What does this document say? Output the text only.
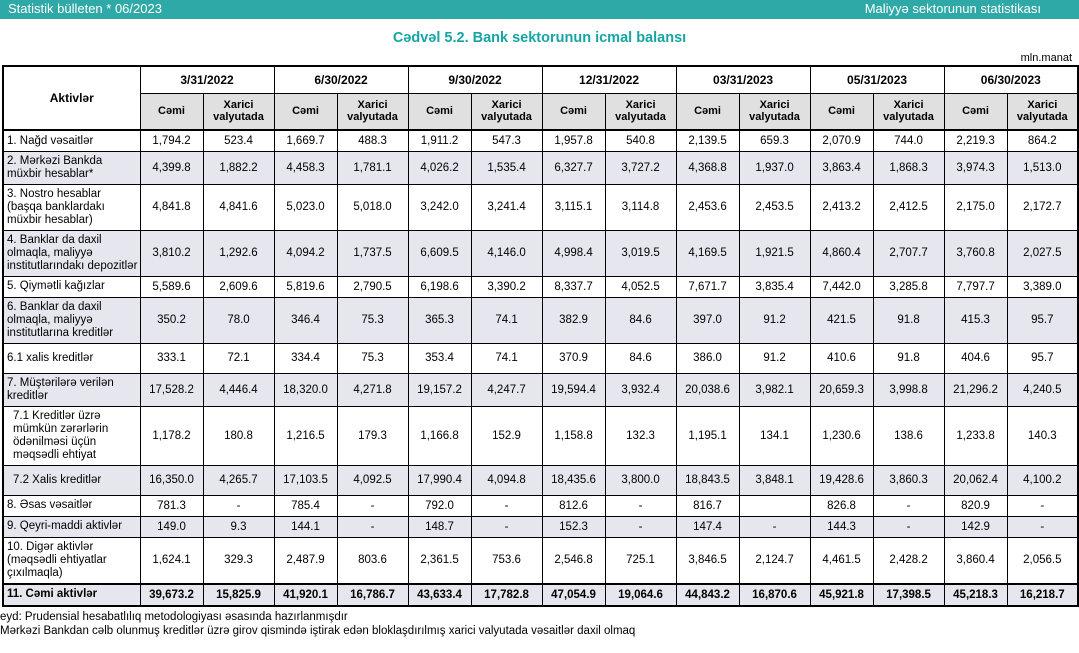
Statistik bülleten * 06/2023	Maliyyə sektorunun statistikası
Cədvəl 5.2. Bank sektorunun icmal balansı
mln.manat
Aktivlər	3/31/2022		6/30/2022		9/30/2022		12/31/2022		03/31/2023		05/31/2023		06/30/2023	
	Cəmi	Xarici valyutada	Cəmi	Xarici valyutada	Cəmi	Xarici valyutada	Cəmi	Xarici valyutada	Cəmi	Xarici valyutada	Cəmi	Xarici valyutada	Cəmi	Xarici valyutada
1. Nağd vəsaitlər	1,794.2	523.4	1,669.7	488.3	1,911.2	547.3	1,957.8	540.8	2,139.5	659.3	2,070.9	744.0	2,219.3	864.2
2. Mərkəzi Bankda müxbir hesablar*	4,399.8	1,882.2	4,458.3	1,781.1	4,026.2	1,535.4	6,327.7	3,727.2	4,368.8	1,937.0	3,863.4	1,868.3	3,974.3	1,513.0
3. Nostro hesablar (başqa banklardakı müxbir hesablar)	4,841.8	4,841.6	5,023.0	5,018.0	3,242.0	3,241.4	3,115.1	3,114.8	2,453.6	2,453.5	2,413.2	2,412.5	2,175.0	2,172.7
4. Banklar da daxil olmaqla, maliyyə institutlarındakı depozitlər	3,810.2	1,292.6	4,094.2	1,737.5	6,609.5	4,146.0	4,998.4	3,019.5	4,169.5	1,921.5	4,860.4	2,707.7	3,760.8	2,027.5
5. Qiymətli kağızlar	5,589.6	2,609.6	5,819.6	2,790.5	6,198.6	3,390.2	8,337.7	4,052.5	7,671.7	3,835.4	7,442.0	3,285.8	7,797.7	3,389.0
6. Banklar da daxil olmaqla, maliyyə institutlarına kreditlər	350.2	78.0	346.4	75.3	365.3	74.1	382.9	84.6	397.0	91.2	421.5	91.8	415.3	95.7
6.1 xalis kreditlər	333.1	72.1	334.4	75.3	353.4	74.1	370.9	84.6	386.0	91.2	410.6	91.8	404.6	95.7
7. Müştərilərə verilən kreditlər	17,528.2	4,446.4	18,320.0	4,271.8	19,157.2	4,247.7	19,594.4	3,932.4	20,038.6	3,982.1	20,659.3	3,998.8	21,296.2	4,240.5
7.1 Kreditlər üzrə mümkün zərərlərin ödənilməsi üçün məqsədli ehtiyat	1,178.2	180.8	1,216.5	179.3	1,166.8	152.9	1,158.8	132.3	1,195.1	134.1	1,230.6	138.6	1,233.8	140.3
7.2 Xalis kreditlər	16,350.0	4,265.7	17,103.5	4,092.5	17,990.4	4,094.8	18,435.6	3,800.0	18,843.5	3,848.1	19,428.6	3,860.3	20,062.4	4,100.2
8. Əsas vəsaitlər	781.3	-	785.4	-	792.0	-	812.6	-	816.7		826.8	-	820.9	-
9. Qeyri-maddi aktivlər	149.0	9.3	144.1	-	148.7	-	152.3	-	147.4	-	144.3	-	142.9	-
10. Digər aktivlər (məqsədli ehtiyatlar çıxılmaqla)	1,624.1	329.3	2,487.9	803.6	2,361.5	753.6	2,546.8	725.1	3,846.5	2,124.7	4,461.5	2,428.2	3,860.4	2,056.5
11. Cəmi aktivlər	39,673.2	15,825.9	41,920.1	16,786.7	43,633.4	17,782.8	47,054.9	19,064.6	44,843.2	16,870.6	45,921.8	17,398.5	45,218.3	16,218.7
eyd: Prudensial hesabatlılıq metodologiyası əsasında hazırlanmışdır
Mərkəzi Bankdan cəlb olunmuş kreditlər üzrə girov qismində iştirak edən bloklaşdırılmış xarici valyutada vəsaitlər daxil olmaq
